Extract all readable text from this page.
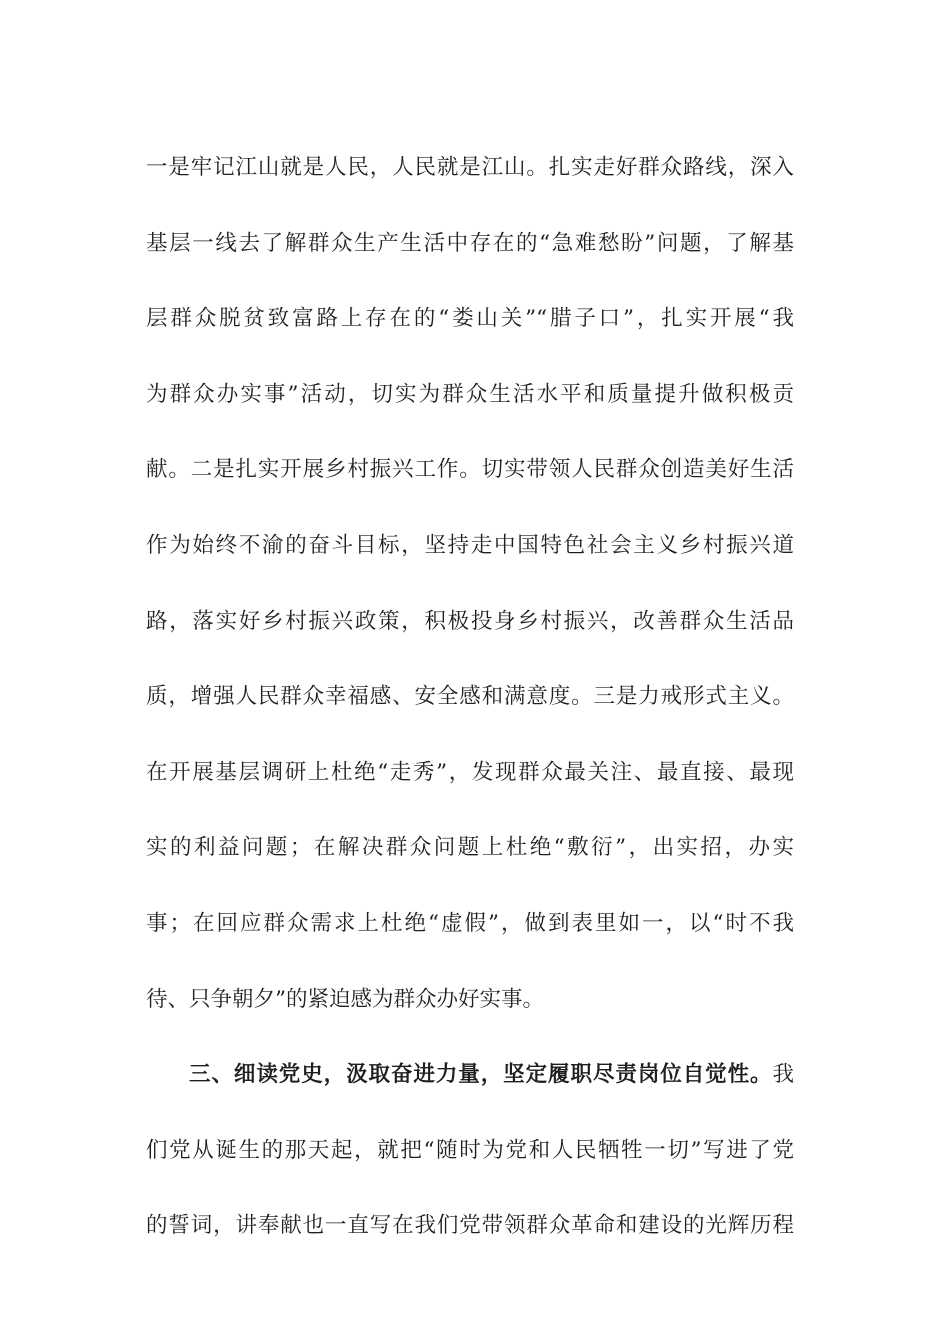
一是牢记江山就是人民，人民就是江山。扎实走好群众路线，深入
基层一线去了解群众生产生活中存在的“急难愁盼”问题，了解基
层群众脱贫致富路上存在的“娄山关”“腊子口”，扎实开展“我
为群众办实事”活动，切实为群众生活水平和质量提升做积极贡
献。二是扎实开展乡村振兴工作。切实带领人民群众创造美好生活
作为始终不渝的奋斗目标，坚持走中国特色社会主义乡村振兴道
路，落实好乡村振兴政策，积极投身乡村振兴，改善群众生活品
质，增强人民群众幸福感、安全感和满意度。三是力戒形式主义。
在开展基层调研上杜绝“走秀”，发现群众最关注、最直接、最现
实的利益问题；在解决群众问题上杜绝“敷衍”，出实招，办实
事；在回应群众需求上杜绝“虚假”，做到表里如一，以“时不我
待、只争朝夕”的紧迫感为群众办好实事。
三、细读党史，汲取奋进力量，坚定履职尽责岗位自觉性。我
们党从诞生的那天起，就把“随时为党和人民牺牲一切”写进了党
的誓词，讲奉献也一直写在我们党带领群众革命和建设的光辉历程
